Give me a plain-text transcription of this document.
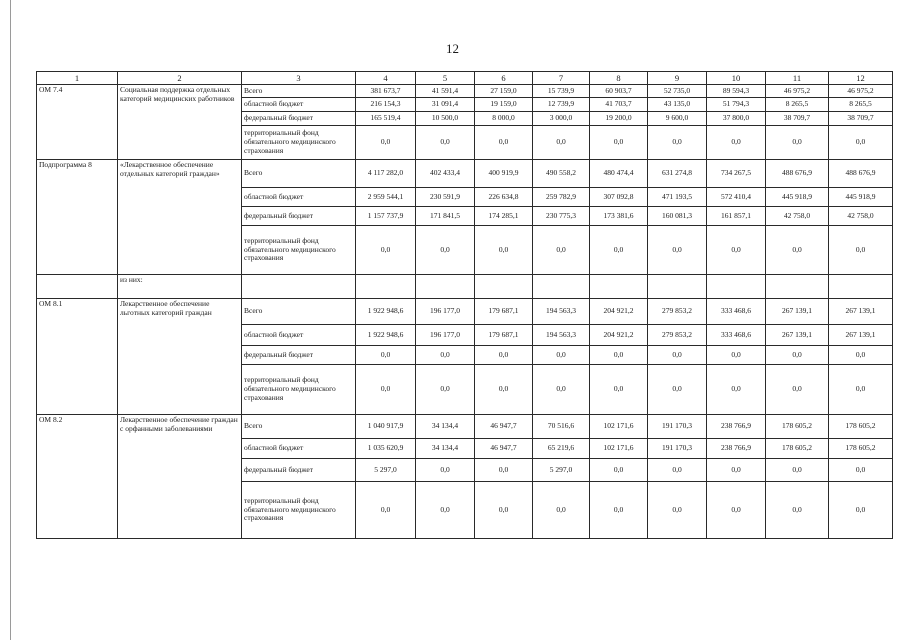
12
1	2	3	4	5	6	7	8	9	10	11	12
ОМ 7.4	Социальная поддержка отдельных категорий медицинских работников	Всего	381 673,7	41 591,4	27 159,0	15 739,9	60 903,7	52 735,0	89 594,3	46 975,2	46 975,2
		областной бюджет	216 154,3	31 091,4	19 159,0	12 739,9	41 703,7	43 135,0	51 794,3	8 265,5	8 265,5
		федеральный бюджет	165 519,4	10 500,0	8 000,0	3 000,0	19 200,0	9 600,0	37 800,0	38 709,7	38 709,7
		территориальный фонд обязательного медицинского страхования	0,0	0,0	0,0	0,0	0,0	0,0	0,0	0,0	0,0
Подпрограмма 8	«Лекарственное обеспечение отдельных категорий граждан»	Всего	4 117 282,0	402 433,4	400 919,9	490 558,2	480 474,4	631 274,8	734 267,5	488 676,9	488 676,9
		областной бюджет	2 959 544,1	230 591,9	226 634,8	259 782,9	307 092,8	471 193,5	572 410,4	445 918,9	445 918,9
		федеральный бюджет	1 157 737,9	171 841,5	174 285,1	230 775,3	173 381,6	160 081,3	161 857,1	42 758,0	42 758,0
		территориальный фонд обязательного медицинского страхования	0,0	0,0	0,0	0,0	0,0	0,0	0,0	0,0	0,0
	из них:										
ОМ 8.1	Лекарственное обеспечение льготных категорий граждан	Всего	1 922 948,6	196 177,0	179 687,1	194 563,3	204 921,2	279 853,2	333 468,6	267 139,1	267 139,1
		областной бюджет	1 922 948,6	196 177,0	179 687,1	194 563,3	204 921,2	279 853,2	333 468,6	267 139,1	267 139,1
		федеральный бюджет	0,0	0,0	0,0	0,0	0,0	0,0	0,0	0,0	0,0
		территориальный фонд обязательного медицинского страхования	0,0	0,0	0,0	0,0	0,0	0,0	0,0	0,0	0,0
ОМ 8.2	Лекарственное обеспечение граждан с орфанными заболеваниями	Всего	1 040 917,9	34 134,4	46 947,7	70 516,6	102 171,6	191 170,3	238 766,9	178 605,2	178 605,2
		областной бюджет	1 035 620,9	34 134,4	46 947,7	65 219,6	102 171,6	191 170,3	238 766,9	178 605,2	178 605,2
		федеральный бюджет	5 297,0	0,0	0,0	5 297,0	0,0	0,0	0,0	0,0	0,0
		территориальный фонд обязательного медицинского страхования	0,0	0,0	0,0	0,0	0,0	0,0	0,0	0,0	0,0
